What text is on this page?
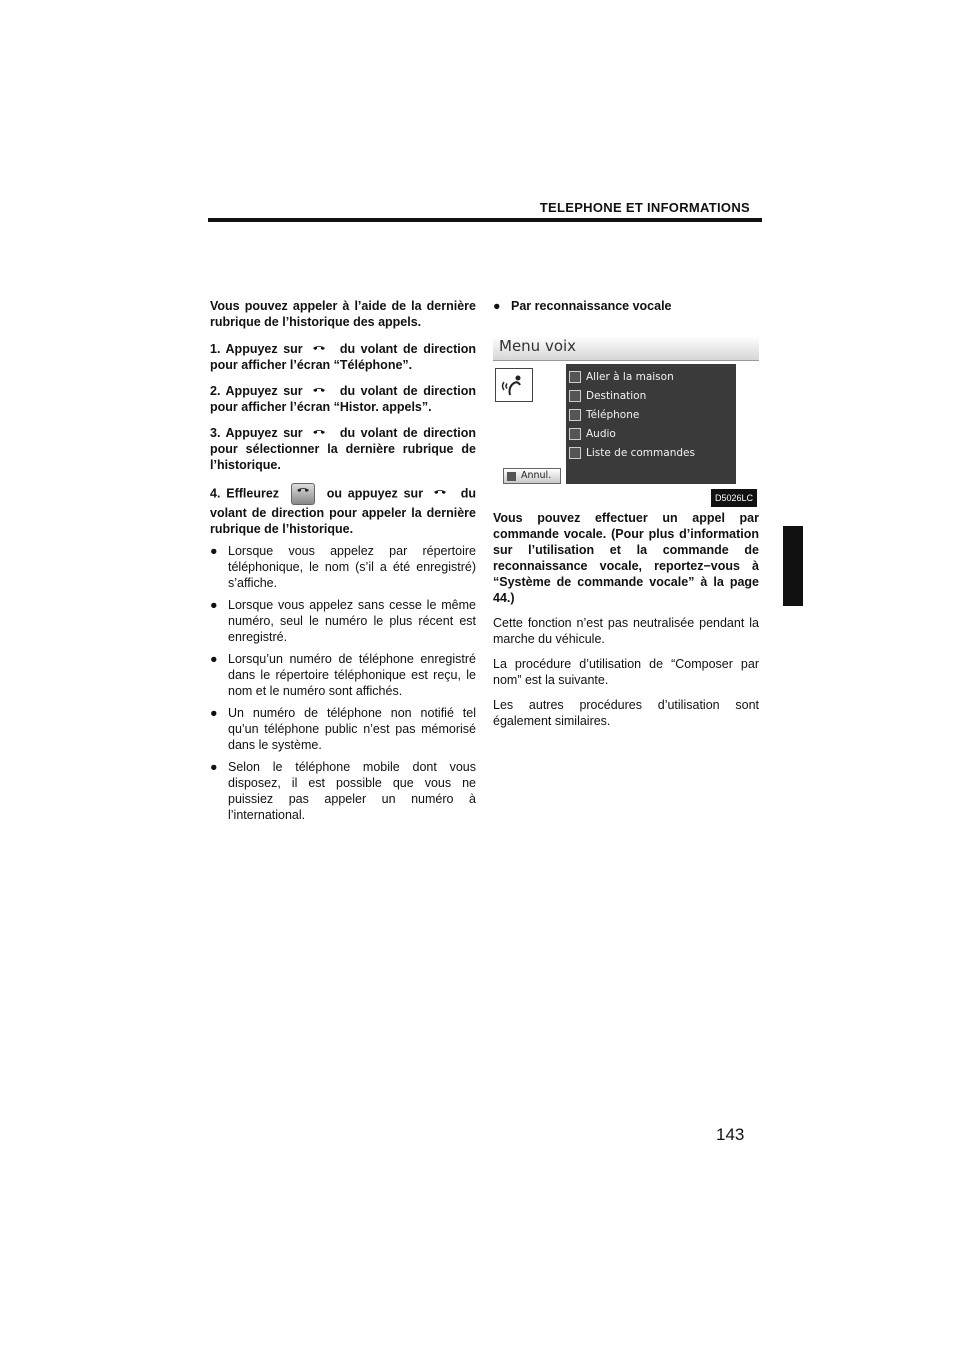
TELEPHONE ET INFORMATIONS

Vous pouvez appeler à l’aide de la dernière rubrique de l’historique des appels.

1. Appuyez sur	du volant de direction pour afficher l’écran “Téléphone”.
2. Appuyez sur	du volant de direction pour afficher l’écran “Histor. appels”.
3. Appuyez sur	du volant de direction pour sélectionner la dernière rubrique de l’historique.
4. Effleurez	ou appuyez sur	du volant de direction pour appeler la dernière rubrique de l’historique.
● Lorsque vous appelez par répertoire téléphonique, le nom (s’il a été enregistré) s’affiche.
● Lorsque vous appelez sans cesse le même numéro, seul le numéro le plus récent est enregistré.
● Lorsqu’un numéro de téléphone enregistré dans le répertoire téléphonique est reçu, le nom et le numéro sont affichés.
● Un numéro de téléphone non notifié tel qu’un téléphone public n’est pas mémorisé dans le système.
● Selon le téléphone mobile dont vous disposez, il est possible que vous ne puissiez pas appeler un numéro à l’international.
● Par reconnaissance vocale
Menu voix
Aller à la maison
Destination
Téléphone
Audio
Liste de commandes
Annul.
D5026LC

Vous pouvez effectuer un appel par commande vocale. (Pour plus d’information sur l’utilisation et la commande de reconnaissance vocale, reportez−vous à “Système de commande vocale” à la page 44.)

Cette fonction n’est pas neutralisée pendant la marche du véhicule.

La procédure d’utilisation de “Composer par nom” est la suivante.

Les autres procédures d’utilisation sont également similaires.

143
